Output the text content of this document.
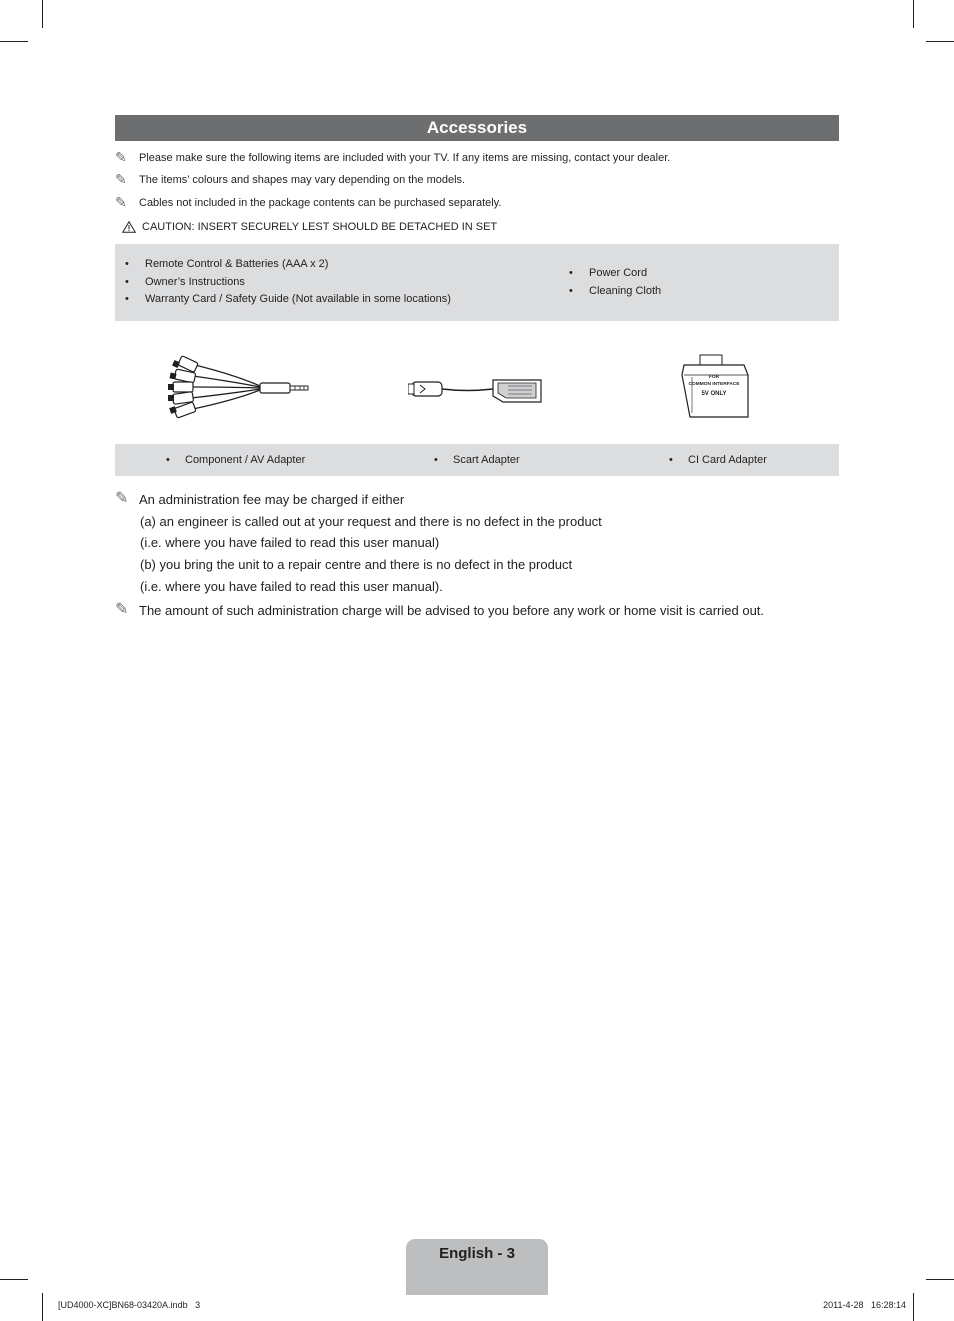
Accessories
✎	Please make sure the following items are included with your TV. If any items are missing, contact your dealer.
✎	The items’ colours and shapes may vary depending on the models.
✎	Cables not included in the package contents can be purchased separately.
CAUTION: INSERT SECURELY LEST SHOULD BE DETACHED IN SET
• Remote Control & Batteries (AAA x 2)
• Owner’s Instructions
• Warranty Card / Safety Guide (Not available in some locations)
• Power Cord
• Cleaning Cloth
FOR
COMMON INTERFACE
5V ONLY
• Component / AV Adapter	• Scart Adapter	• CI Card Adapter
✎ An administration fee may be charged if either
(a) an engineer is called out at your request and there is no defect in the product
(i.e. where you have failed to read this user manual)
(b) you bring the unit to a repair centre and there is no defect in the product
(i.e. where you have failed to read this user manual).
✎ The amount of such administration charge will be advised to you before any work or home visit is carried out.
English - 3
[UD4000-XC]BN68-03420A.indb   3	2011-4-28   16:28:14
